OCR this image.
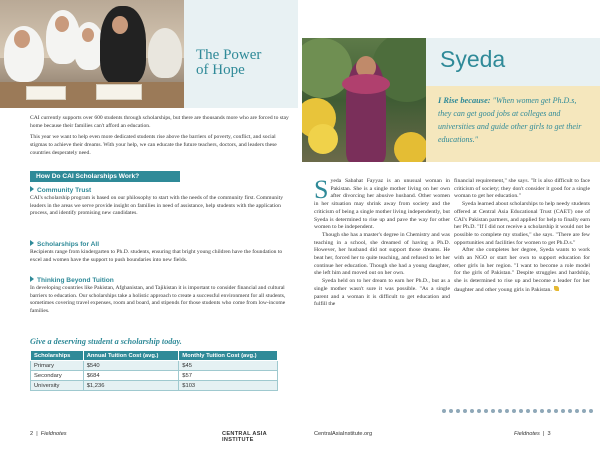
The Power of Hope

CAI currently supports over 600 students through scholarships, but there are thousands more who are forced to stay home because their families can't afford an education.

This year we want to help even more dedicated students rise above the barriers of poverty, conflict, and social stigmas to achieve their dreams. With your help, we can educate the future teachers, doctors, and leaders these countries desperately need.

How Do CAI Scholarships Work?
Community Trust

CAI's scholarship program is based on our philosophy to start with the needs of the community first. Community leaders in the areas we serve provide insight on families in need of assistance, help students with the application process, and identify promising new candidates.

Scholarships for All

Recipients range from kindergarten to Ph.D. students, ensuring that bright young children have the foundation to excel and women have the support to push boundaries into new fields.

Thinking Beyond Tuition

In developing countries like Pakistan, Afghanistan, and Tajikistan it is important to consider financial and cultural barriers to education. Our scholarships take a holistic approach to create a successful environment for all students, sometimes covering travel expenses, room and board, and stipends for those students who come from low-income families.

Give a deserving student a scholarship today.
Scholarships	Annual Tuition Cost (avg.)	Monthly Tuition Cost (avg.)
Primary	$540	$45
Secondary	$684	$57
University	$1,236	$103
2  |  Fieldnotes	CENTRAL ASIA INSTITUTE
Syeda
I Rise because: "When women get Ph.D.s, they can get good jobs at colleges and universities and guide other girls to get their educations."

Syeda Sabahat Fayyaz is an unusual woman in Pakistan. She is a single mother living on her own after divorcing her abusive husband. Other women in her situation may shrink away from society and the criticism of being a single mother living independently, but Syeda is determined to rise up and pave the way for other women to be independent.

Though she has a master's degree in Chemistry and was teaching in a school, she dreamed of having a Ph.D. However, her husband did not support those dreams. He beat her, forced her to quite teaching, and refused to let her continue her education. Though she had a young daughter, she left him and moved out on her own.

Syeda held on to her dream to earn her Ph.D., but as a single mother wasn't sure it was possible. "As a single parent and a woman it is difficult to get education and fulfill the

financial requirement," she says. "It is also difficult to face criticism of society; they don't consider it good for a single woman to get her education."

Syeda learned about scholarships to help needy students offered at Central Asia Educational Trust (CAET) one of CAI's Pakistan partners, and applied for help to finally earn her Ph.D. "If I did not receive a scholarship it would not be possible to complete my studies," she says. "There are few opportunities and facilities for women to get Ph.D.s."

After she completes her degree, Syeda wants to work with an NGO or start her own to support education for other girls in her region. "I want to become a role model for the girls of Pakistan." Despite struggles and hardship, she is determined to rise up and become a leader for her daughter and other young girls in Pakistan.

CentralAsiaInstitute.org	Fieldnotes  |  3
